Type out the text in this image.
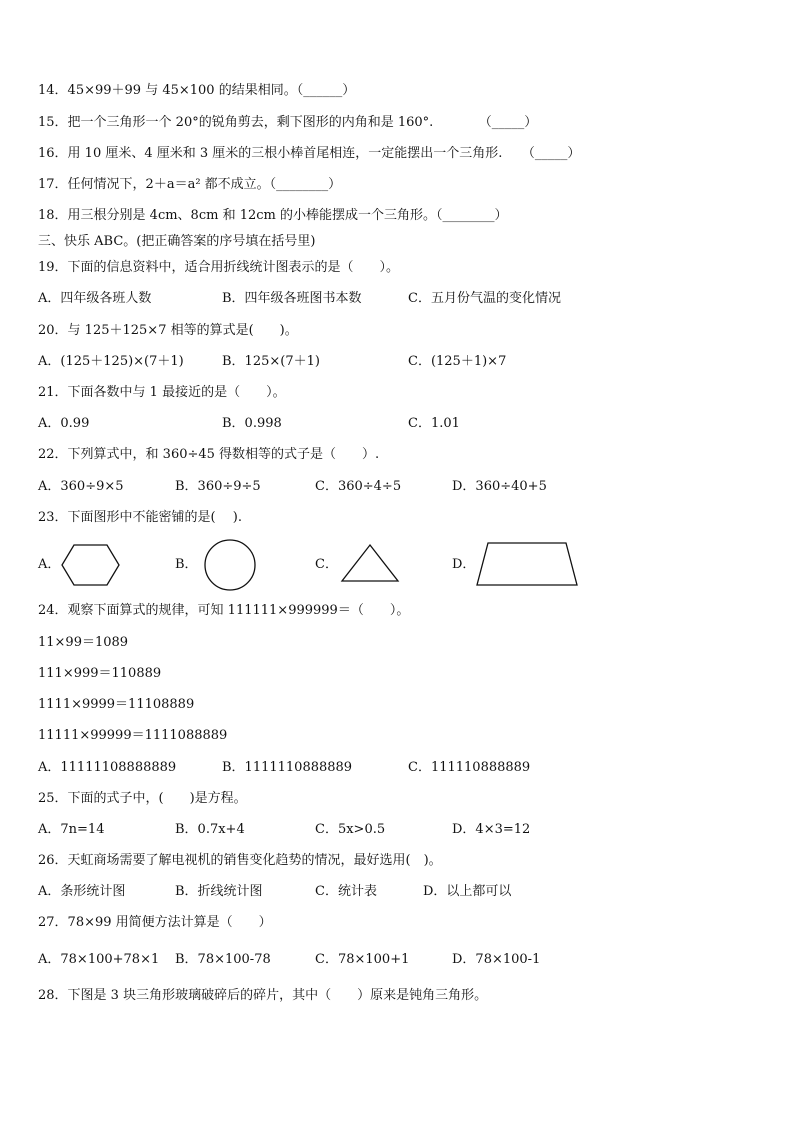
14．45×99＋99 与 45×100 的结果相同。（______）
15．把一个三角形一个 20°的锐角剪去，剩下图形的内角和是 160°.　　　　（_____）
16．用 10 厘米、4 厘米和 3 厘米的三根小棒首尾相连，一定能摆出一个三角形.　　（_____）
17．任何情况下，2＋a＝a² 都不成立。（________）
18．用三根分别是 4cm、8cm 和 12cm 的小棒能摆成一个三角形。（________）
三、快乐 ABC。(把正确答案的序号填在括号里)
19．下面的信息资料中，适合用折线统计图表示的是（　　）。
A．四年级各班人数	B．四年级各班图书本数	C．五月份气温的变化情况
20．与 125＋125×7 相等的算式是(　　)。
A．(125＋125)×(7＋1)	B．125×(7＋1)	C．(125＋1)×7
21．下面各数中与 1 最接近的是（　　）。
A．0.99	B．0.998	C．1.01
22．下列算式中，和 360÷45 得数相等的式子是（　　）.
A．360÷9×5	B．360÷9÷5	C．360÷4÷5	D．360÷40+5
23．下面图形中不能密铺的是(　 ).
A．	B．	C．	D．
24．观察下面算式的规律，可知 111111×999999＝（　　）。
11×99＝1089
111×999＝110889
1111×9999＝11108889
11111×99999＝1111088889
A．11111108888889	B．1111110888889	C．111110888889
25．下面的式子中，(　　)是方程。
A．7n=14	B．0.7x+4	C．5x>0.5	D．4×3=12
26．天虹商场需要了解电视机的销售变化趋势的情况，最好选用(　)。
A．条形统计图	B．折线统计图	C．统计表	D．以上都可以
27．78×99 用简便方法计算是（　　）
A．78×100+78×1 B．78×100-78	C．78×100+1	D．78×100-1
28．下图是 3 块三角形玻璃破碎后的碎片，其中（　　）原来是钝角三角形。
